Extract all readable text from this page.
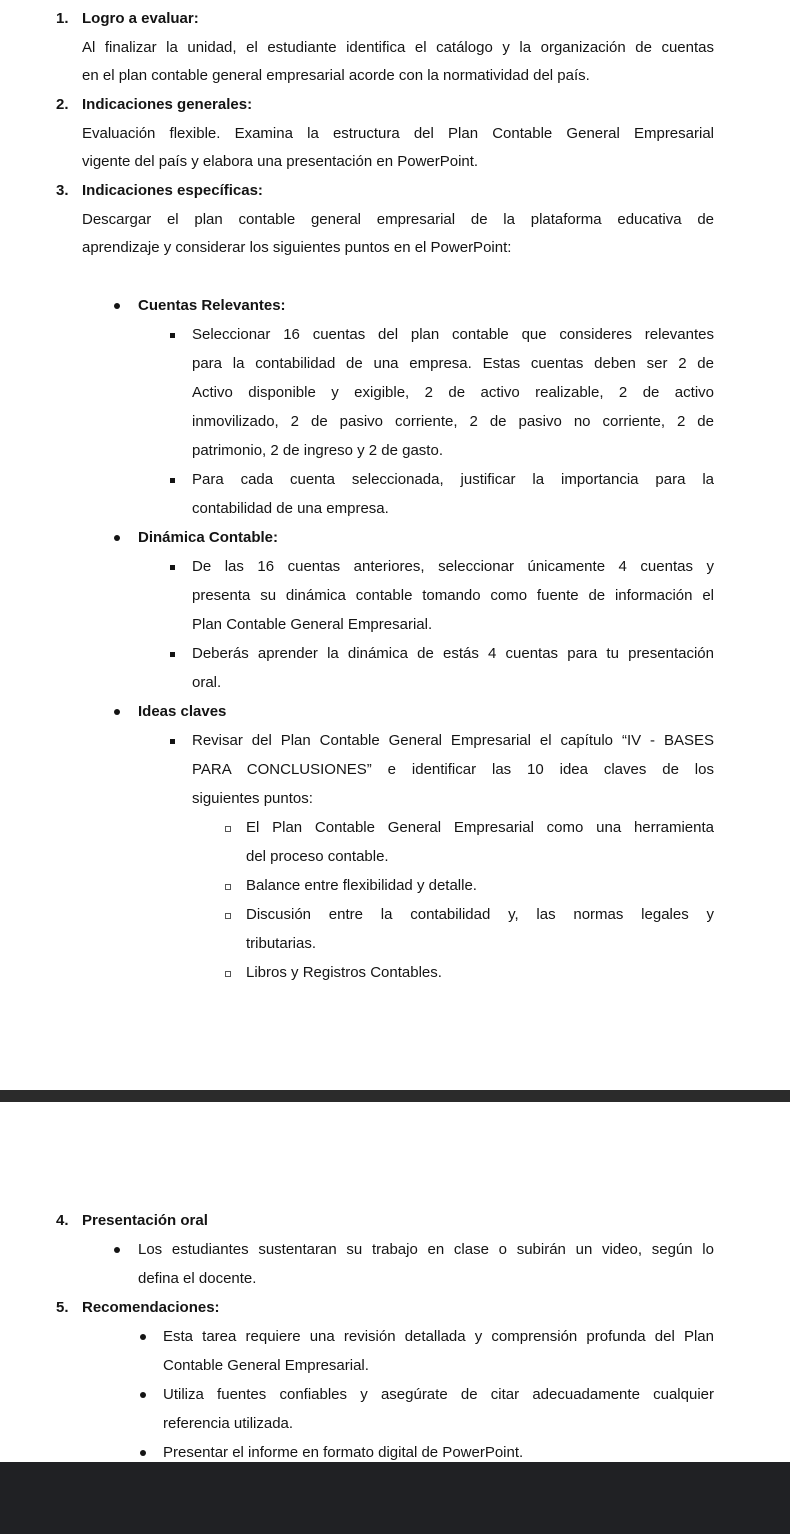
1. Logro a evaluar:
Al finalizar la unidad, el estudiante identifica el catálogo y la organización de cuentas
en el plan contable general empresarial acorde con la normatividad del país.
2. Indicaciones generales:
Evaluación flexible. Examina la estructura del Plan Contable General Empresarial
vigente del país y elabora una presentación en PowerPoint.
3. Indicaciones específicas:
Descargar el plan contable general empresarial de la plataforma educativa de
aprendizaje y considerar los siguientes puntos en el PowerPoint:
Cuentas Relevantes:
Seleccionar 16 cuentas del plan contable que consideres relevantes
para la contabilidad de una empresa. Estas cuentas deben ser 2 de
Activo disponible y exigible, 2 de activo realizable, 2 de activo
inmovilizado, 2 de pasivo corriente, 2 de pasivo no corriente, 2 de
patrimonio, 2 de ingreso y 2 de gasto.
Para cada cuenta seleccionada, justificar la importancia para la
contabilidad de una empresa.
Dinámica Contable:
De las 16 cuentas anteriores, seleccionar únicamente 4 cuentas y
presenta su dinámica contable tomando como fuente de información el
Plan Contable General Empresarial.
Deberás aprender la dinámica de estás 4 cuentas para tu presentación
oral.
Ideas claves
Revisar del Plan Contable General Empresarial el capítulo “IV - BASES
PARA CONCLUSIONES” e identificar las 10 idea claves de los
siguientes puntos:
El Plan Contable General Empresarial como una herramienta
del proceso contable.
Balance entre flexibilidad y detalle.
Discusión entre la contabilidad y, las normas legales y
tributarias.
Libros y Registros Contables.
4. Presentación oral
Los estudiantes sustentaran su trabajo en clase o subirán un video, según lo
defina el docente.
5. Recomendaciones:
Esta tarea requiere una revisión detallada y comprensión profunda del Plan
Contable General Empresarial.
Utiliza fuentes confiables y asegúrate de citar adecuadamente cualquier
referencia utilizada.
Presentar el informe en formato digital de PowerPoint.
